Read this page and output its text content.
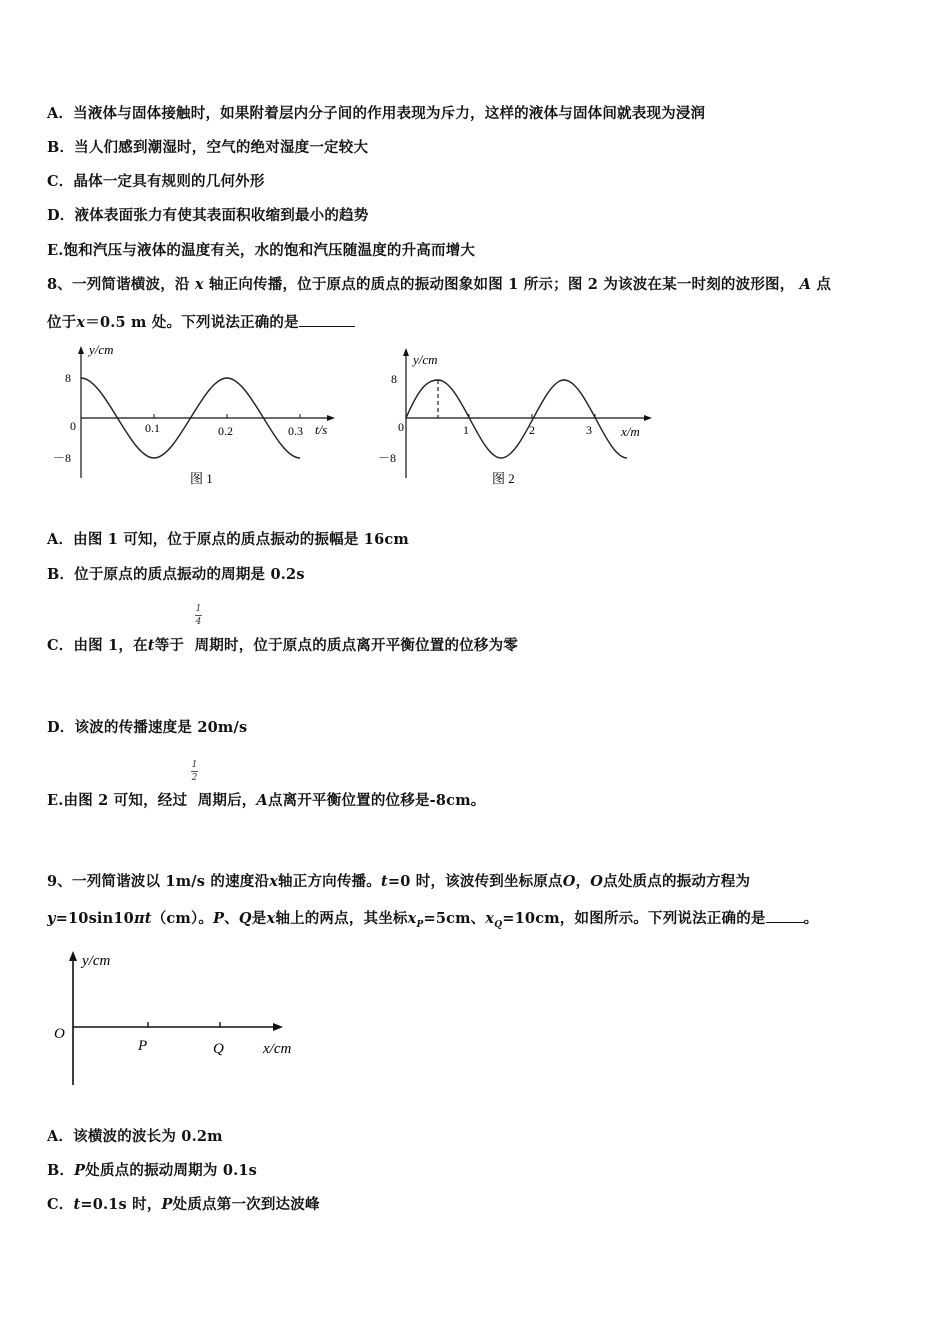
A．当液体与固体接触时，如果附着层内分子间的作用表现为斥力，这样的液体与固体间就表现为浸润
B．当人们感到潮湿时，空气的绝对湿度一定较大
C．晶体一定具有规则的几何外形
D．液体表面张力有使其表面积收缩到最小的趋势
E.饱和汽压与液体的温度有关，水的饱和汽压随温度的升高而增大
8、一列简谐横波，沿 x 轴正向传播，位于原点的质点的振动图象如图 1 所示；图 2 为该波在某一时刻的波形图， A 点
位于x＝0.5 m 处。下列说法正确的是
y/cm
8
－8
0	0.1	0.2	0.3 t/s
图 1
y/cm
8
－8
0	1	2	3 x/m
图 2
A．由图 1 可知，位于原点的质点振动的振幅是 16cm
B．位于原点的质点振动的周期是 0.2s
1
4
C．由图 1，在t等于 周期时，位于原点的质点离开平衡位置的位移为零
D．该波的传播速度是 20m/s
1
2
E.由图 2 可知，经过 周期后，A点离开平衡位置的位移是-8cm。
9、一列简谐波以 1m/s 的速度沿x轴正方向传播。t=0 时，该波传到坐标原点O，O点处质点的振动方程为
y=10sin10πt（cm）。P、Q是x轴上的两点，其坐标$x_P=5cm$、$x_Q=10cm$，如图所示。下列说法正确的是	。
y/cm
O
P	Q	x/cm
A．该横波的波长为 0.2m
B．P处质点的振动周期为 0.1s
C．t=0.1s 时，P处质点第一次到达波峰
